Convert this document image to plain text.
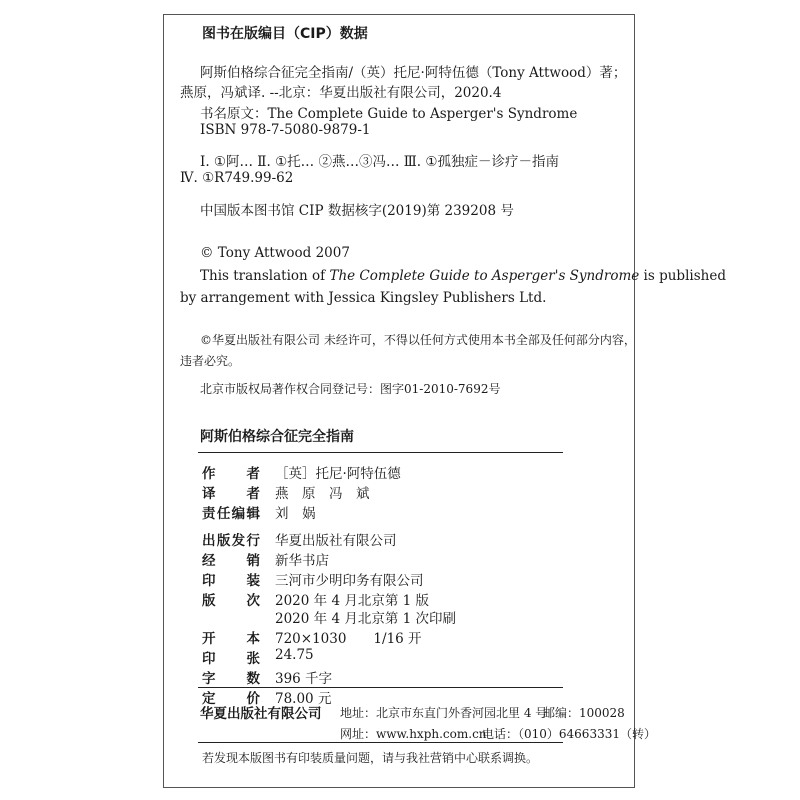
图书在版编目（CIP）数据
阿斯伯格综合征完全指南/（英）托尼·阿特伍德（Tony Attwood）著；
燕原，冯斌译. --北京：华夏出版社有限公司，2020.4
书名原文：The Complete Guide to Asperger's Syndrome
ISBN 978-7-5080-9879-1
Ⅰ. ①阿… Ⅱ. ①托… ②燕…③冯… Ⅲ. ①孤独症－诊疗－指南
Ⅳ. ①R749.99-62
中国版本图书馆 CIP 数据核字(2019)第 239208 号
© Tony Attwood 2007
This translation of The Complete Guide to Asperger's Syndrome is published
by arrangement with Jessica Kingsley Publishers Ltd.
©华夏出版社有限公司 未经许可，不得以任何方式使用本书全部及任何部分内容，
违者必究。
北京市版权局著作权合同登记号：图字01-2010-7692号
阿斯伯格综合征完全指南
作　者 ［英］托尼·阿特伍德
译　者 燕　原　冯　斌
责任编辑 刘　娲
出版发行 华夏出版社有限公司
经　销 新华书店
印　装 三河市少明印务有限公司
版　次 2020 年 4 月北京第 1 版
2020 年 4 月北京第 1 次印刷
开　本 720×1030　　1/16 开
印　张 24.75
字　数 396 千字
定　价 78.00 元
华夏出版社有限公司 地址：北京市东直门外香河园北里 4 号
邮编：100028
网址：www.hxph.com.cn
电话：（010）64663331（转）
若发现本版图书有印装质量问题，请与我社营销中心联系调换。
